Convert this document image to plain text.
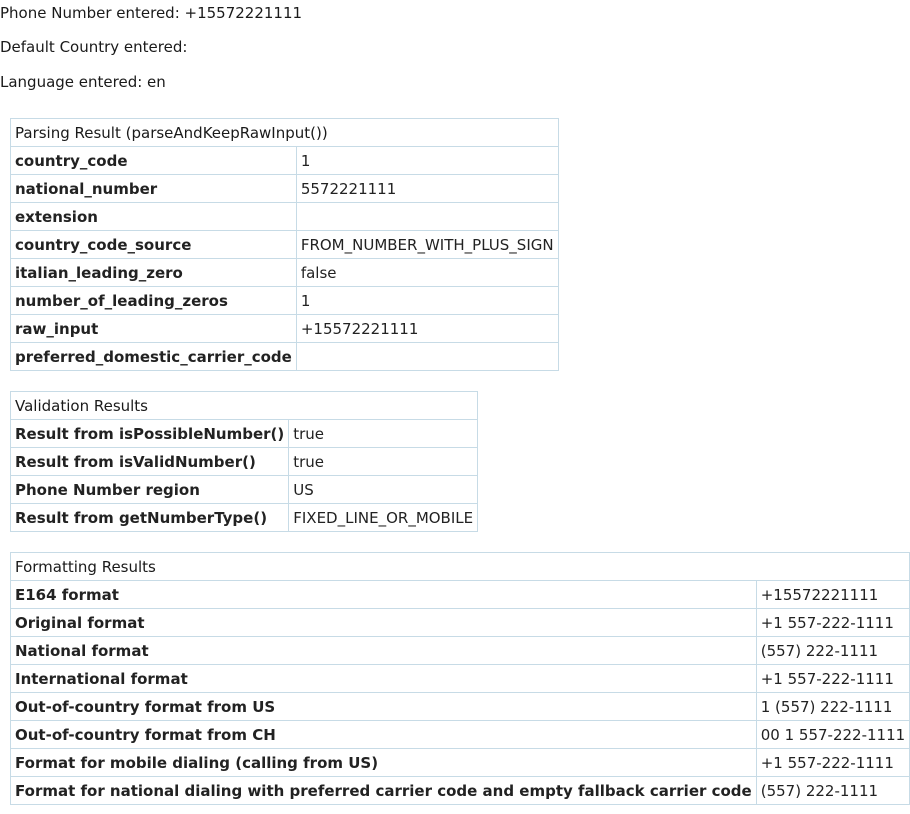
Phone Number entered: +15572221111

Default Country entered:

Language entered: en

Parsing Result (parseAndKeepRawInput())	
country_code	1
national_number	5572221111
extension	
country_code_source	FROM_NUMBER_WITH_PLUS_SIGN
italian_leading_zero	false
number_of_leading_zeros	1
raw_input	+15572221111
preferred_domestic_carrier_code	
Validation Results	
Result from isPossibleNumber()	true
Result from isValidNumber()	true
Phone Number region	US
Result from getNumberType()	FIXED_LINE_OR_MOBILE
Formatting Results	
E164 format	+15572221111
Original format	+1 557-222-1111
National format	(557) 222-1111
International format	+1 557-222-1111
Out-of-country format from US	1 (557) 222-1111
Out-of-country format from CH	00 1 557-222-1111
Format for mobile dialing (calling from US)	+1 557-222-1111
Format for national dialing with preferred carrier code and empty fallback carrier code	(557) 222-1111
